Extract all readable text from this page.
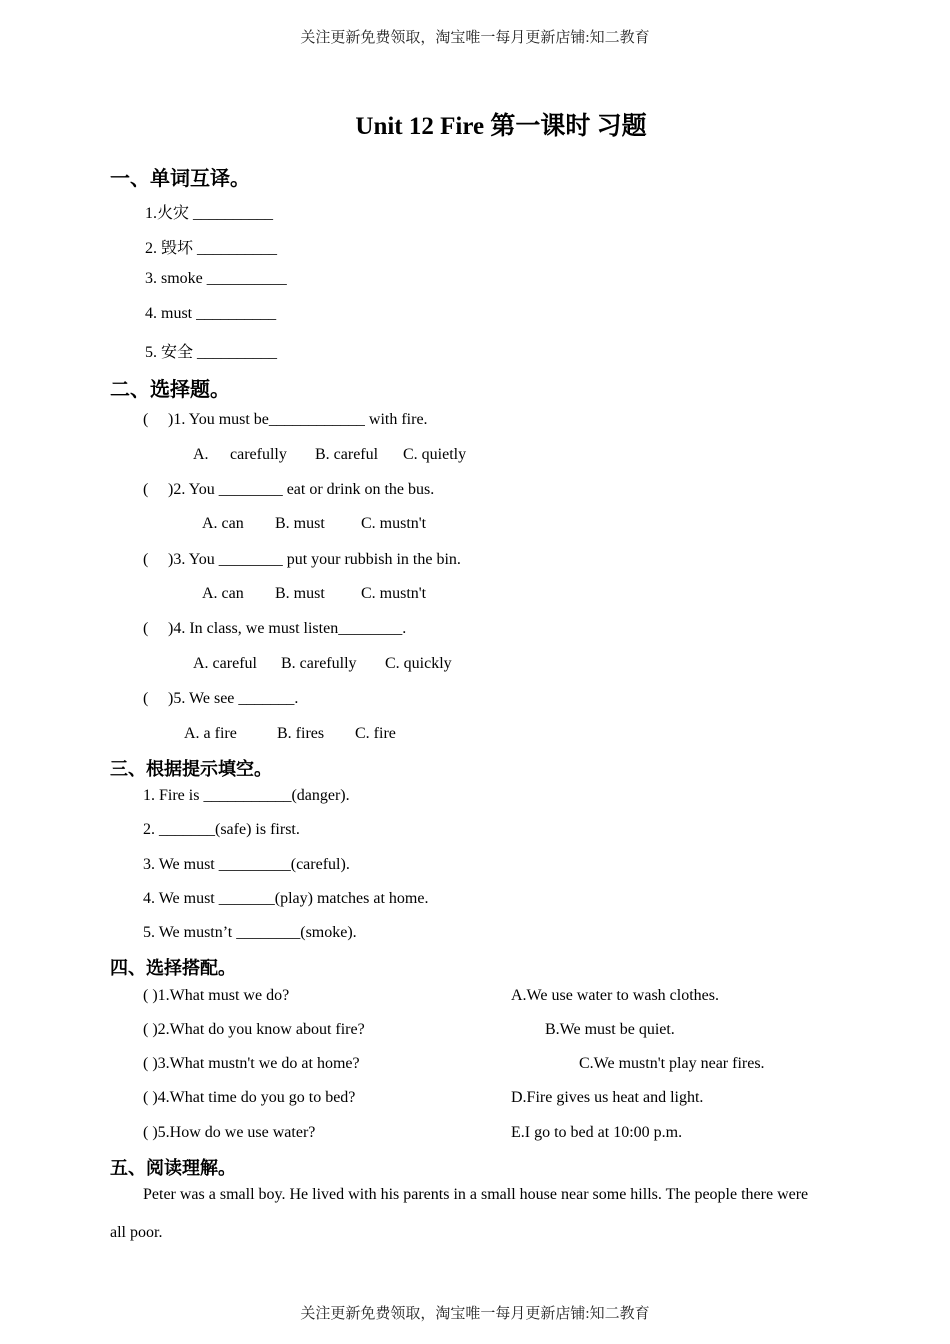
关注更新免费领取，淘宝唯一每月更新店铺:知二教育
Unit 12 Fire 第一课时 习题
一、单词互译。
1.火灾 __________
2. 毁坏 __________
3. smoke __________
4. must __________
5. 安全 __________
二、选择题。
( )1. You must be____________ with fire.
A. carefully B. careful C. quietly
( )2. You ________ eat or drink on the bus.
A. can B. must C. mustn't
( )3. You ________ put your rubbish in the bin.
A. can B. must C. mustn't
( )4. In class, we must listen________.
A. careful B. carefully C. quickly
( )5. We see _______.
A. a fire	B. fires C. fire
三、根据提示填空。
1. Fire is ___________(danger).
2. _______(safe) is first.
3. We must _________(careful).
4. We must _______(play) matches at home.
5. We mustn’t ________(smoke).
四、选择搭配。
( )1.What must we do?
( )2.What do you know about fire?
( )3.What mustn't we do at home?
( )4.What time do you go to bed?
( )5.How do we use water?
A.We use water to wash clothes.
B.We must be quiet.
C.We mustn't play near fires.
D.Fire gives us heat and light.
E.I go to bed at 10:00 p.m.
五、阅读理解。
Peter was a small boy. He lived with his parents in a small house near some hills. The people there were
all poor.
关注更新免费领取，淘宝唯一每月更新店铺:知二教育
